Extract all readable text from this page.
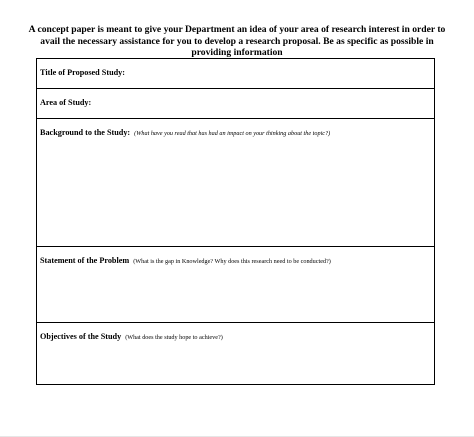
A concept paper is meant to give your Department an idea of your area of research interest in order to
avail the necessary assistance for you to develop a research proposal. Be as specific as possible in
providing information
Title of Proposed Study:
Area of Study:
Background to the Study: (What have you read that has had an impact on your thinking about the topic?)
Statement of the Problem (What is the gap in Knowledge? Why does this research need to be conducted?)
Objectives of the Study (What does the study hope to achieve?)
